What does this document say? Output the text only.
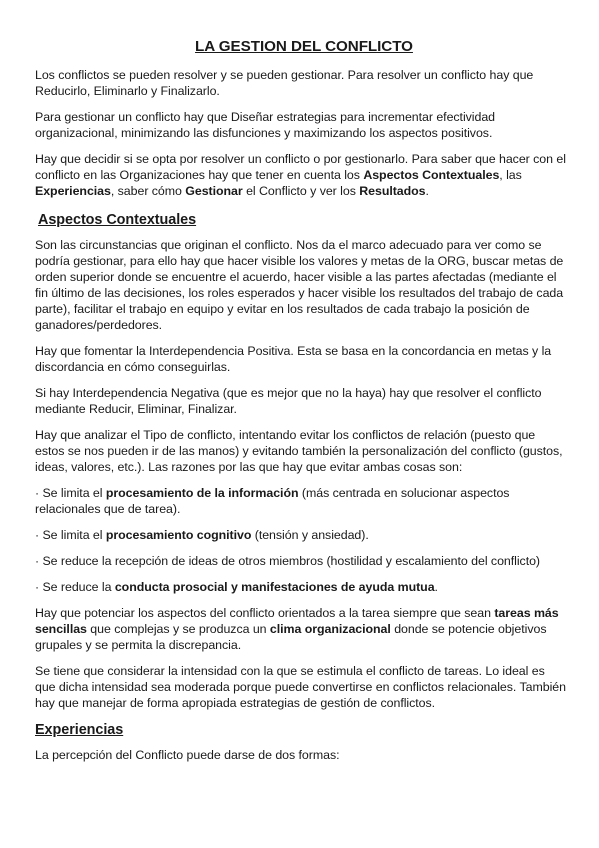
LA GESTION DEL CONFLICTO

Los conflictos se pueden resolver y se pueden gestionar. Para resolver un conflicto hay que Reducirlo, Eliminarlo y Finalizarlo.

Para gestionar un conflicto hay que Diseñar estrategias para incrementar efectividad organizacional, minimizando las disfunciones y maximizando los aspectos positivos.

Hay que decidir si se opta por resolver un conflicto o por gestionarlo. Para saber que hacer con el conflicto en las Organizaciones hay que tener en cuenta los Aspectos Contextuales, las Experiencias, saber cómo Gestionar el Conflicto y ver los Resultados.

Aspectos Contextuales

Son las circunstancias que originan el conflicto. Nos da el marco adecuado para ver como se podría gestionar, para ello hay que hacer visible los valores y metas de la ORG, buscar metas de orden superior donde se encuentre el acuerdo, hacer visible a las partes afectadas (mediante el fin último de las decisiones, los roles esperados y hacer visible los resultados del trabajo de cada parte), facilitar el trabajo en equipo y evitar en los resultados de cada trabajo la posición de ganadores/perdedores.

Hay que fomentar la Interdependencia Positiva. Esta se basa en la concordancia en metas y la discordancia en cómo conseguirlas.

Si hay Interdependencia Negativa (que es mejor que no la haya) hay que resolver el conflicto mediante Reducir, Eliminar, Finalizar.

Hay que analizar el Tipo de conflicto, intentando evitar los conflictos de relación (puesto que estos se nos pueden ir de las manos) y evitando también la personalización del conflicto (gustos, ideas, valores, etc.). Las razones por las que hay que evitar ambas cosas son:

· Se limita el procesamiento de la información (más centrada en solucionar aspectos relacionales que de tarea).

· Se limita el procesamiento cognitivo (tensión y ansiedad).

· Se reduce la recepción de ideas de otros miembros (hostilidad y escalamiento del conflicto)

· Se reduce la conducta prosocial y manifestaciones de ayuda mutua.

Hay que potenciar los aspectos del conflicto orientados a la tarea siempre que sean tareas más sencillas que complejas y se produzca un clima organizacional donde se potencie objetivos grupales y se permita la discrepancia.

Se tiene que considerar la intensidad con la que se estimula el conflicto de tareas. Lo ideal es que dicha intensidad sea moderada porque puede convertirse en conflictos relacionales. También hay que manejar de forma apropiada estrategias de gestión de conflictos.

Experiencias

La percepción del Conflicto puede darse de dos formas:
